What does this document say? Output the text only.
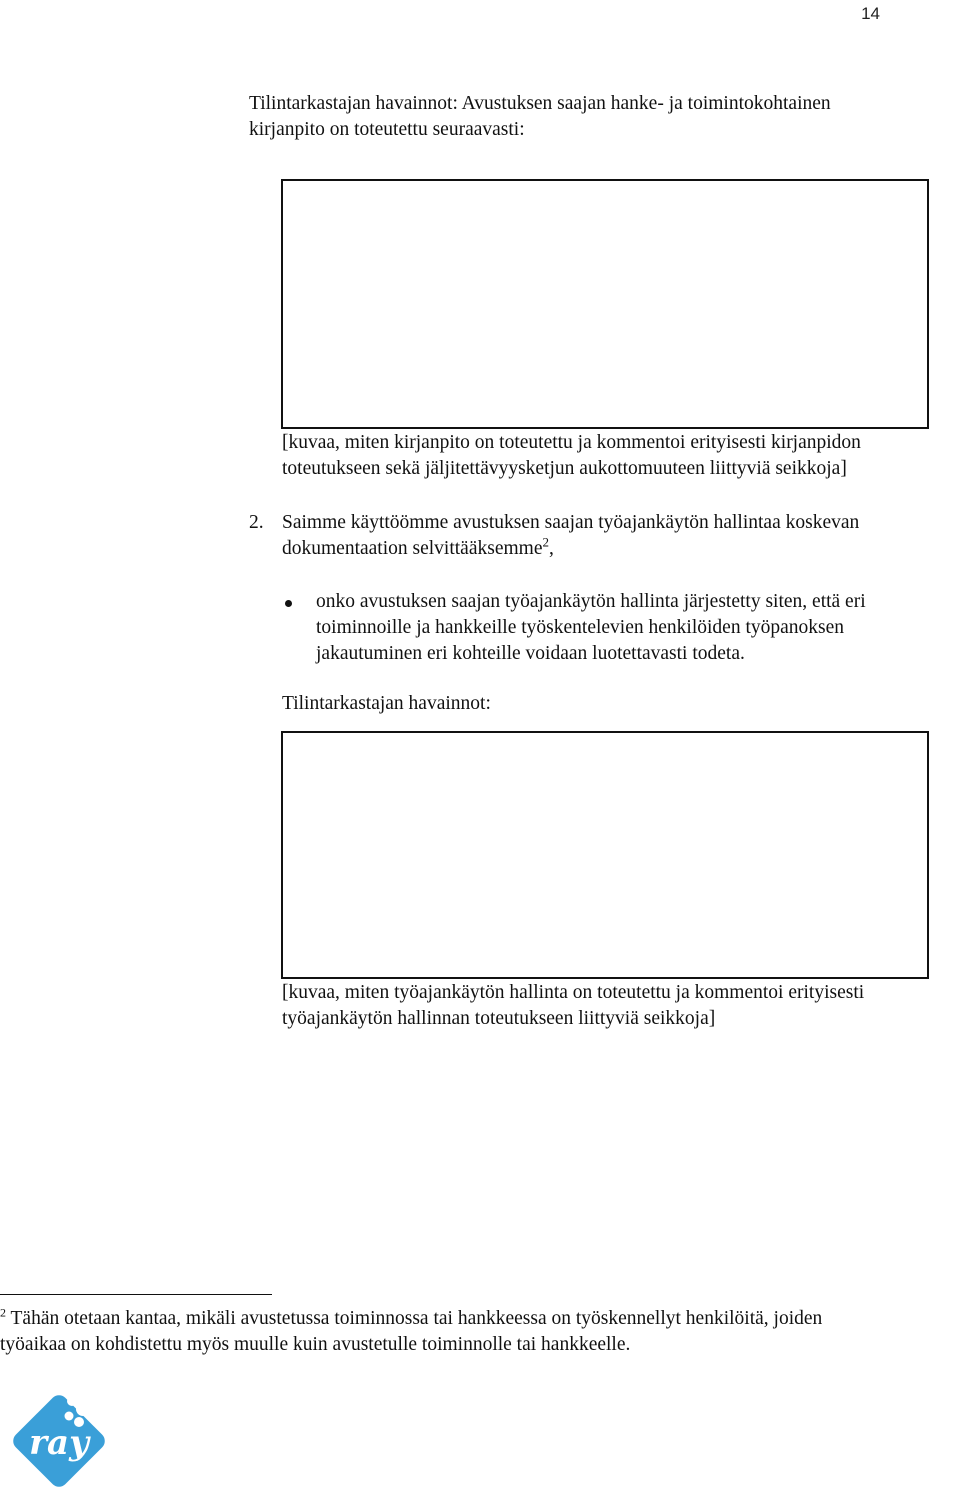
14
Tilintarkastajan havainnot: Avustuksen saajan hanke- ja toimintokohtainen
kirjanpito on toteutettu seuraavasti:
[kuvaa, miten kirjanpito on toteutettu ja kommentoi erityisesti kirjanpidon
toteutukseen sekä jäljitettävyysketjun aukottomuuteen liittyviä seikkoja]
2. Saimme käyttöömme avustuksen saajan työajankäytön hallintaa koskevan
dokumentaation selvittääksemme$^2$,
onko avustuksen saajan työajankäytön hallinta järjestetty siten, että eri
toiminnoille ja hankkeille työskentelevien henkilöiden työpanoksen
jakautuminen eri kohteille voidaan luotettavasti todeta.
Tilintarkastajan havainnot:
[kuvaa, miten työajankäytön hallinta on toteutettu ja kommentoi erityisesti
työajankäytön hallinnan toteutukseen liittyviä seikkoja]
$^2$ Tähän otetaan kantaa, mikäli avustetussa toiminnossa tai hankkeessa on työskennellyt henkilöitä, joiden
työaikaa on kohdistettu myös muulle kuin avustetulle toiminnolle tai hankkeelle.
ray
